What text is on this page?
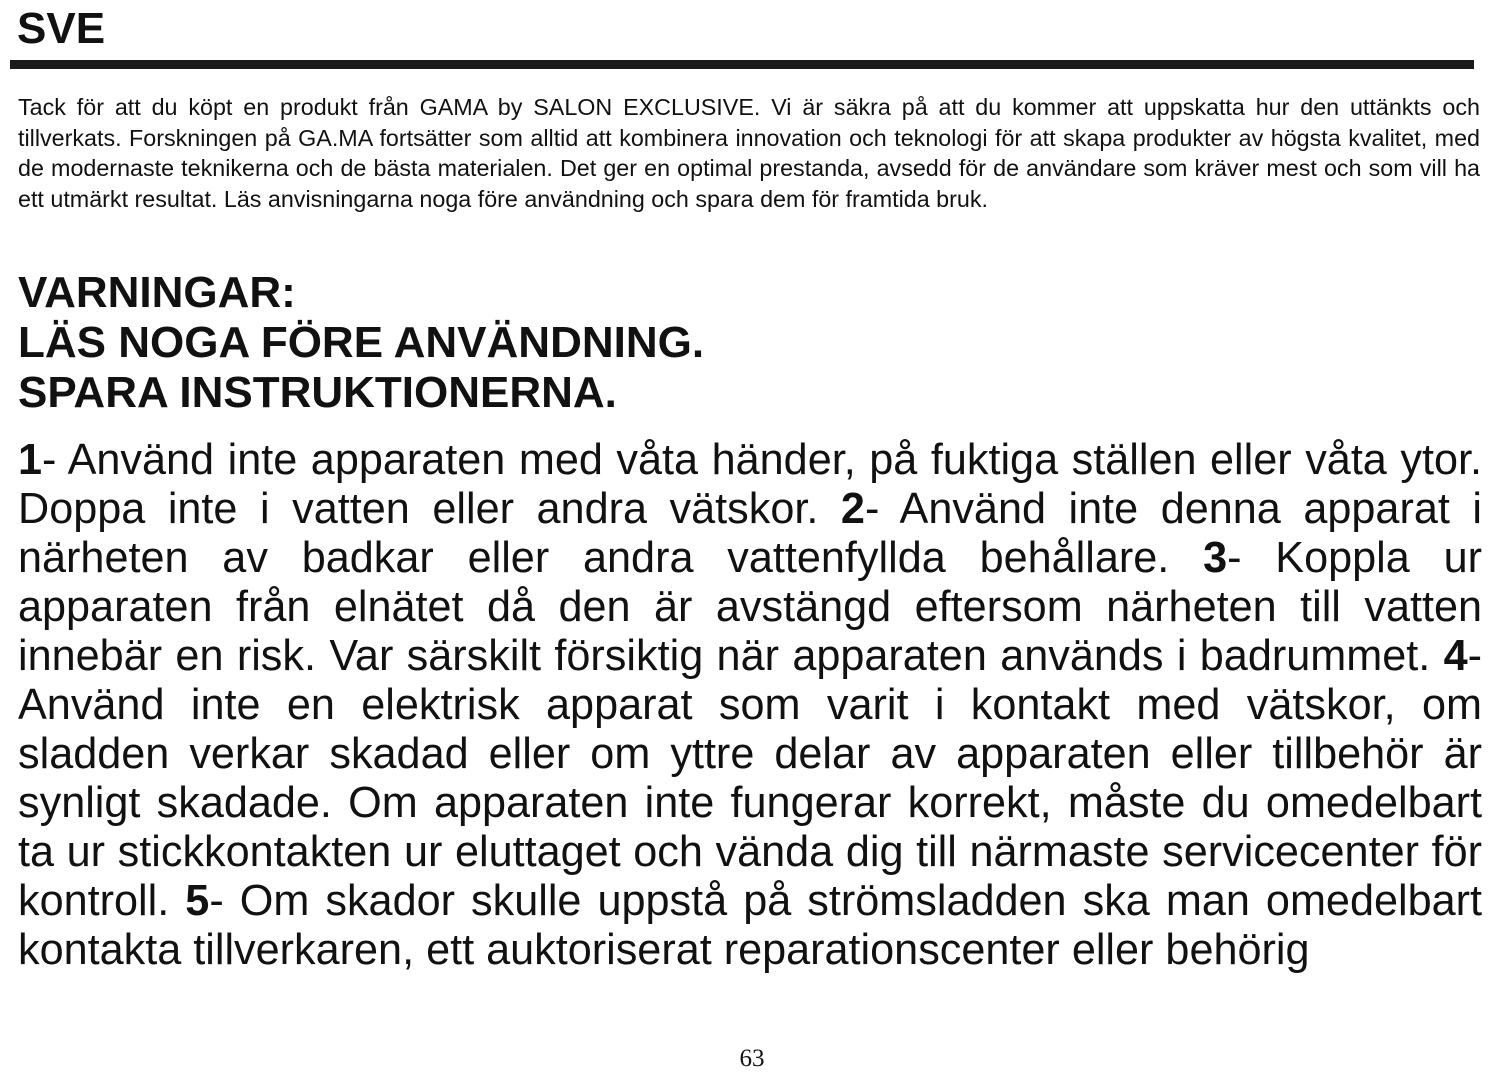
SVE

Tack för att du köpt en produkt från GAMA by SALON EXCLUSIVE. Vi är säkra på att du kommer att uppskatta hur den uttänkts och tillverkats. Forskningen på GA.MA fortsätter som alltid att kombinera innovation och teknologi för att skapa produkter av högsta kvalitet, med de modernaste teknikerna och de bästa materialen. Det ger en optimal prestanda, avsedd för de användare som kräver mest och som vill ha ett utmärkt resultat. Läs anvisningarna noga före användning och spara dem för framtida bruk.

VARNINGAR:
LÄS NOGA FÖRE ANVÄNDNING.
SPARA INSTRUKTIONERNA.

1- Använd inte apparaten med våta händer, på fuktiga ställen eller våta ytor. Doppa inte i vatten eller andra vätskor. 2- Använd inte denna apparat i närheten av badkar eller andra vattenfyllda behållare. 3- Koppla ur apparaten från elnätet då den är avstängd eftersom närheten till vatten innebär en risk. Var särskilt försiktig när apparaten används i badrummet. 4- Använd inte en elektrisk apparat som varit i kontakt med vätskor, om sladden verkar skadad eller om yttre delar av apparaten eller tillbehör är synligt skadade. Om apparaten inte fungerar korrekt, måste du omedelbart ta ur stickkontakten ur eluttaget och vända dig till närmaste servicecenter för kontroll. 5- Om skador skulle uppstå på strömsladden ska man omedelbart kontakta tillverkaren, ett auktoriserat reparationscenter eller behörig

63
